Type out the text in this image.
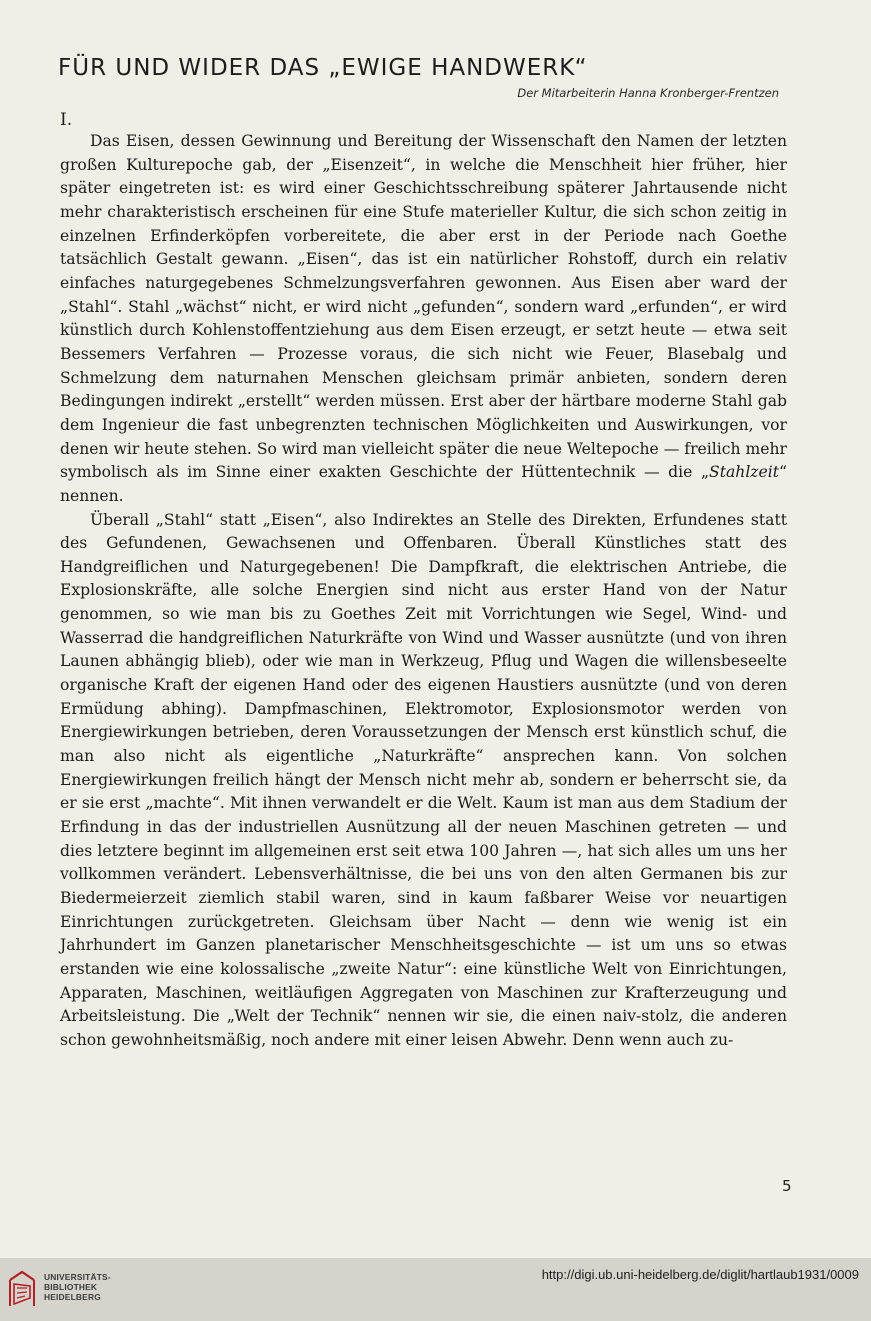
FÜR UND WIDER DAS „EWIGE HANDWERK“
Der Mitarbeiterin Hanna Kronberger-Frentzen
I.

Das Eisen, dessen Gewinnung und Bereitung der Wissenschaft den Namen der letzten großen Kulturepoche gab, der „Eisenzeit“, in welche die Menschheit hier früher, hier später eingetreten ist: es wird einer Geschichtsschreibung späterer Jahrtausende nicht mehr charakteristisch erscheinen für eine Stufe materieller Kultur, die sich schon zeitig in einzelnen Erfinderköpfen vorbereitete, die aber erst in der Periode nach Goethe tatsächlich Gestalt gewann. „Eisen“, das ist ein natürlicher Rohstoff, durch ein relativ einfaches naturgegebenes Schmelzungsverfahren gewonnen. Aus Eisen aber ward der „Stahl“. Stahl „wächst“ nicht, er wird nicht „gefunden“, sondern ward „erfunden“, er wird künstlich durch Kohlenstoffentziehung aus dem Eisen erzeugt, er setzt heute — etwa seit Bessemers Verfahren — Prozesse voraus, die sich nicht wie Feuer, Blasebalg und Schmelzung dem naturnahen Menschen gleichsam primär anbieten, sondern deren Bedingungen indirekt „erstellt“ werden müssen. Erst aber der härtbare moderne Stahl gab dem Ingenieur die fast unbegrenzten technischen Möglichkeiten und Auswirkungen, vor denen wir heute stehen. So wird man vielleicht später die neue Weltepoche — freilich mehr symbolisch als im Sinne einer exakten Geschichte der Hüttentechnik — die „Stahlzeit“ nennen.

Überall „Stahl“ statt „Eisen“, also Indirektes an Stelle des Direkten, Erfundenes statt des Gefundenen, Gewachsenen und Offenbaren. Überall Künstliches statt des Handgreiflichen und Naturgegebenen! Die Dampfkraft, die elektrischen Antriebe, die Explosionskräfte, alle solche Energien sind nicht aus erster Hand von der Natur genommen, so wie man bis zu Goethes Zeit mit Vorrichtungen wie Segel, Wind- und Wasserrad die handgreiflichen Naturkräfte von Wind und Wasser ausnützte (und von ihren Launen abhängig blieb), oder wie man in Werkzeug, Pflug und Wagen die willensbeseelte organische Kraft der eigenen Hand oder des eigenen Haustiers ausnützte (und von deren Ermüdung abhing). Dampfmaschinen, Elektromotor, Explosionsmotor werden von Energiewirkungen betrieben, deren Voraussetzungen der Mensch erst künstlich schuf, die man also nicht als eigentliche „Naturkräfte“ ansprechen kann. Von solchen Energiewirkungen freilich hängt der Mensch nicht mehr ab, sondern er beherrscht sie, da er sie erst „machte“. Mit ihnen verwandelt er die Welt. Kaum ist man aus dem Stadium der Erfindung in das der industriellen Ausnützung all der neuen Maschinen getreten — und dies letztere beginnt im allgemeinen erst seit etwa 100 Jahren —, hat sich alles um uns her vollkommen verändert. Lebensverhältnisse, die bei uns von den alten Germanen bis zur Biedermeierzeit ziemlich stabil waren, sind in kaum faßbarer Weise vor neuartigen Einrichtungen zurückgetreten. Gleichsam über Nacht — denn wie wenig ist ein Jahrhundert im Ganzen planetarischer Menschheitsgeschichte — ist um uns so etwas erstanden wie eine kolossalische „zweite Natur“: eine künstliche Welt von Einrichtungen, Apparaten, Maschinen, weitläufigen Aggregaten von Maschinen zur Krafterzeugung und Arbeitsleistung. Die „Welt der Technik“ nennen wir sie, die einen naiv-stolz, die anderen schon gewohnheitsmäßig, noch andere mit einer leisen Abwehr. Denn wenn auch zu-

5
UNIVERSITÄTS-
BIBLIOTHEK
HEIDELBERG
http://digi.ub.uni-heidelberg.de/diglit/hartlaub1931/0009
